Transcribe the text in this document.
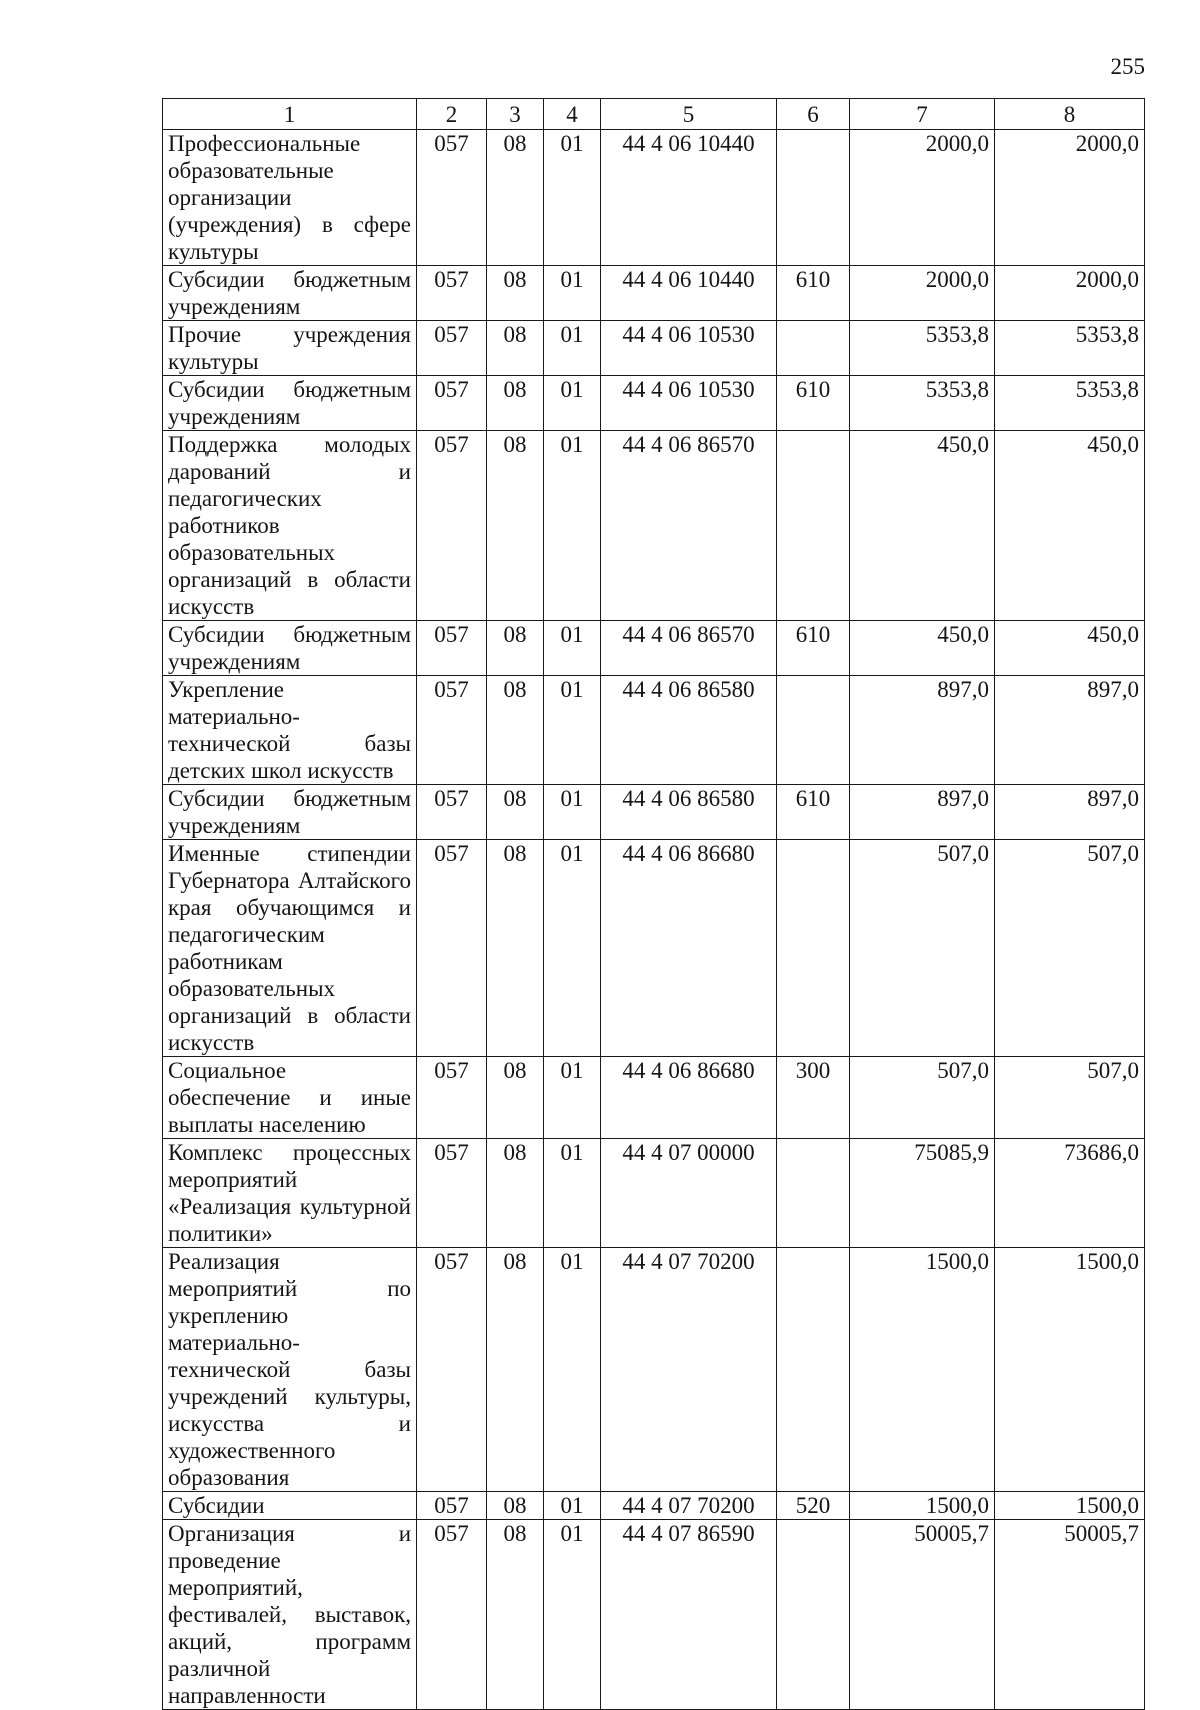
255
1	2	3	4	5	6	7	8
Профессиональные образовательные организации (учреждения) в сфере культуры	057	08	01	44 4 06 10440		2000,0	2000,0
Субсидии бюджетным учреждениям	057	08	01	44 4 06 10440	610	2000,0	2000,0
Прочие учреждения культуры	057	08	01	44 4 06 10530		5353,8	5353,8
Субсидии бюджетным учреждениям	057	08	01	44 4 06 10530	610	5353,8	5353,8
Поддержка молодых дарований и педагогических работников образовательных организаций в области искусств	057	08	01	44 4 06 86570		450,0	450,0
Субсидии бюджетным учреждениям	057	08	01	44 4 06 86570	610	450,0	450,0
Укрепление материально-технической базы детских школ искусств	057	08	01	44 4 06 86580		897,0	897,0
Субсидии бюджетным учреждениям	057	08	01	44 4 06 86580	610	897,0	897,0
Именные стипендии Губернатора Алтайского края обучающимся и педагогическим работникам образовательных организаций в области искусств	057	08	01	44 4 06 86680		507,0	507,0
Социальное обеспечение и иные выплаты населению	057	08	01	44 4 06 86680	300	507,0	507,0
Комплекс процессных мероприятий «Реализация культурной политики»	057	08	01	44 4 07 00000		75085,9	73686,0
Реализация мероприятий по укреплению материально-технической базы учреждений культуры, искусства и художественного образования	057	08	01	44 4 07 70200		1500,0	1500,0
Субсидии	057	08	01	44 4 07 70200	520	1500,0	1500,0
Организация и проведение мероприятий, фестивалей, выставок, акций, программ различной направленности	057	08	01	44 4 07 86590		50005,7	50005,7
